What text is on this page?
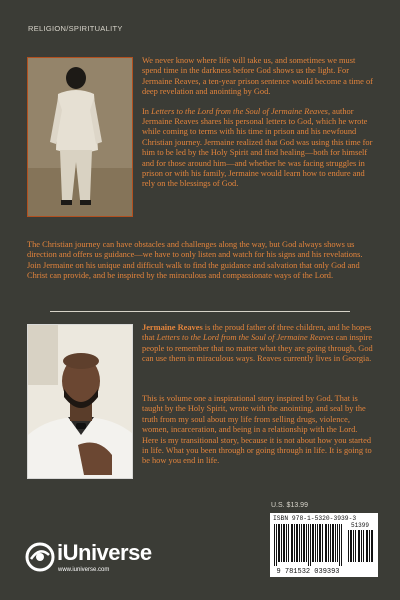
RELIGION/SPIRITUALITY

We never know where life will take us, and sometimes we must spend time in the darkness before God shows us the light. For Jermaine Reaves, a ten-year prison sentence would become a time of deep revelation and anointing by God.

In Letters to the Lord from the Soul of Jermaine Reaves, author Jermaine Reaves shares his personal letters to God, which he wrote while coming to terms with his time in prison and his newfound Christian journey. Jermaine realized that God was using this time for him to be led by the Holy Spirit and find healing—both for himself and for those around him—and whether he was facing struggles in prison or with his family, Jermaine would learn how to endure and rely on the blessings of God.

The Christian journey can have obstacles and challenges along the way, but God always shows us direction and offers us guidance—we have to only listen and watch for his signs and his revelations. Join Jermaine on his unique and difficult walk to find the guidance and salvation that only God and Christ can provide, and be inspired by the miraculous and compassionate ways of the Lord.

Jermaine Reaves is the proud father of three children, and he hopes that Letters to the Lord from the Soul of Jermaine Reaves can inspire people to remember that no matter what they are going through, God can use them in miraculous ways. Reaves currently lives in Georgia.
This is volume one a inspirational story inspired by God. That is taught by the Holy Spirit, wrote with the anointing, and seal by the truth from my soul about my life from selling drugs, violence, women, incarceration, and being in a relationship with the Lord. Here is my transitional story, because it is not about how you started in life. What you been through or going through in life. It is going to be how you end in life.
iUniverse
www.iuniverse.com
U.S. $13.99
ISBN 978-1-5320-3939-3
51399
9 781532 039393
